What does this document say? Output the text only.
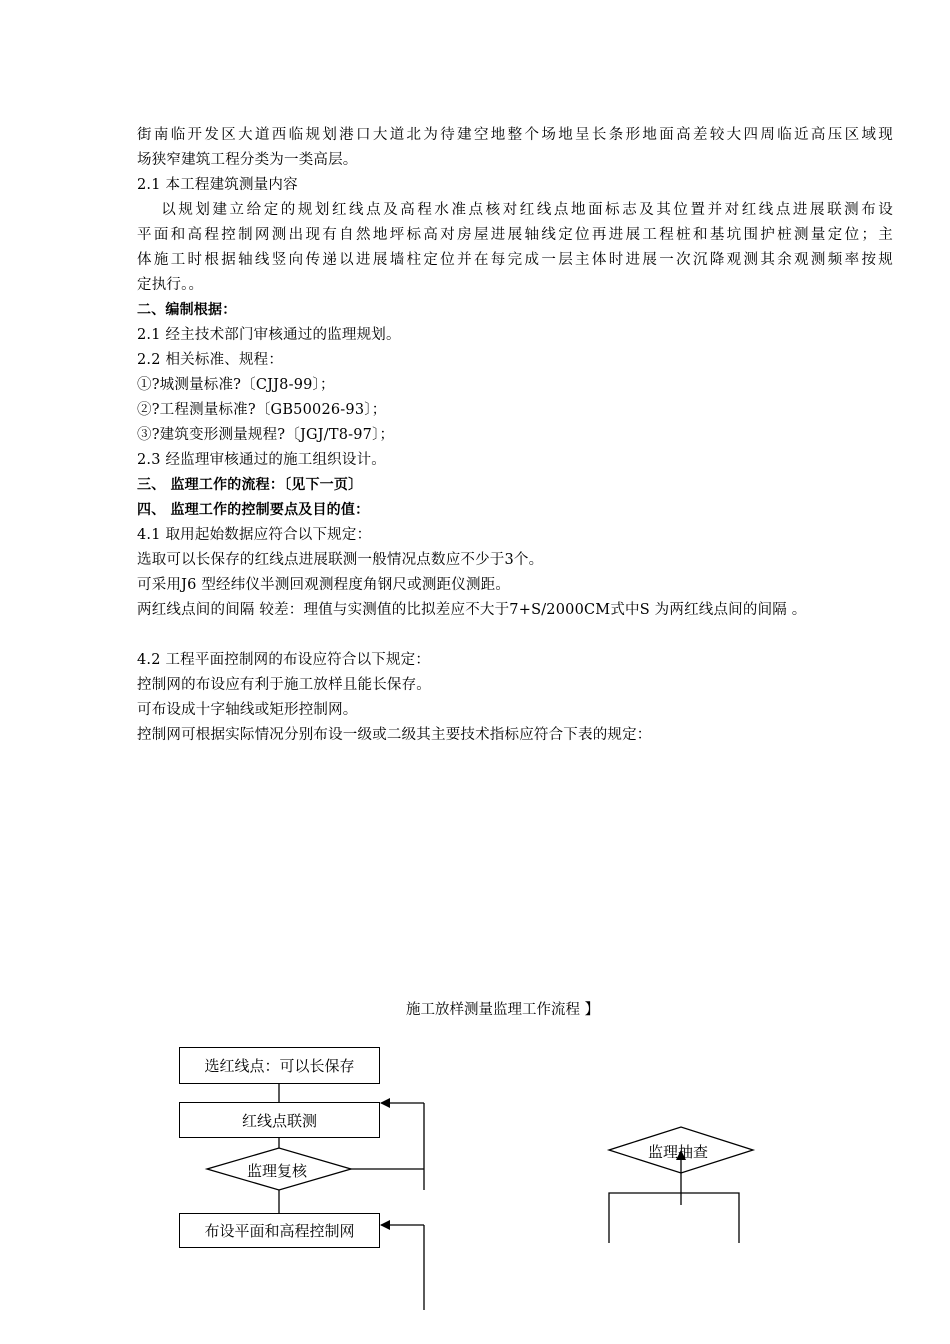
街南临开发区大道西临规划港口大道北为待建空地整个场地呈长条形地面高差较大四周临近高压区域现
场狭窄建筑工程分类为一类高层。
2.1 本工程建筑测量内容
　 以规划建立给定的规划红线点及高程水准点核对红线点地面标志及其位置并对红线点进展联测布设
平面和高程控制网测出现有自然地坪标高对房屋进展轴线定位再进展工程桩和基坑围护桩测量定位；主
体施工时根据轴线竖向传递以进展墙柱定位并在每完成一层主体时进展一次沉降观测其余观测频率按规
定执行。。
二、编制根据：
2.1 经主技术部门审核通过的监理规划。
2.2 相关标准、规程：
①?城测量标准?〔CJJ8-99〕；
②?工程测量标准?〔GB50026-93〕；
③?建筑变形测量规程?〔JGJ/T8-97〕；
2.3 经监理审核通过的施工组织设计。
三、 监理工作的流程：〔见下一页〕
四、 监理工作的控制要点及目的值：
4.1 取用起始数据应符合以下规定：
选取可以长保存的红线点进展联测一般情况点数应不少于3个。
可采用J6 型经纬仪半测回观测程度角钢尺或测距仪测距。
两红线点间的间隔 较差：理值与实测值的比拟差应不大于7+S/2000CM式中S 为两红线点间的间隔 。
4.2 工程平面控制网的布设应符合以下规定：
控制网的布设应有利于施工放样且能长保存。
可布设成十字轴线或矩形控制网。
控制网可根据实际情况分别布设一级或二级其主要技术指标应符合下表的规定：
施工放样测量监理工作流程 】
选红线点：可以长保存
红线点联测
监理复核
布设平面和高程控制网
监理抽查
